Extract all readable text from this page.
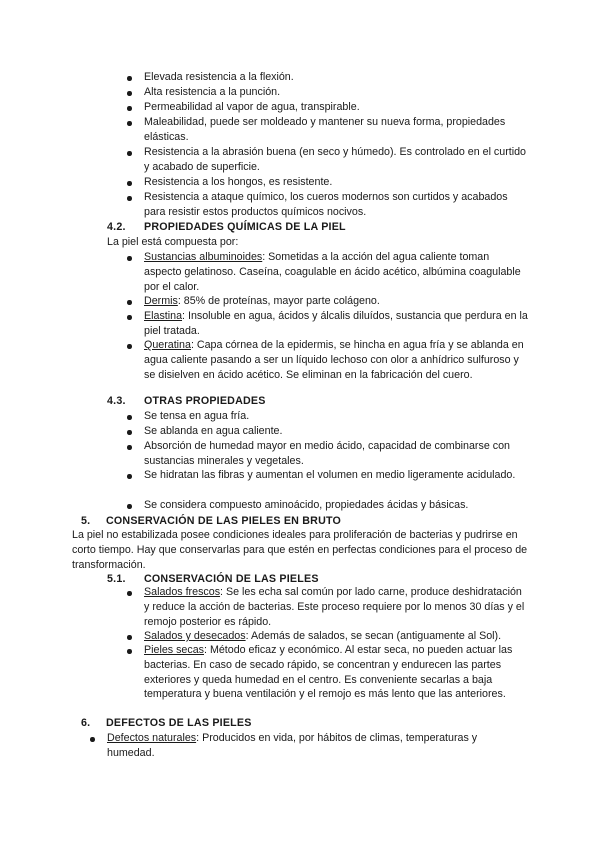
Elevada resistencia a la flexión.
Alta resistencia a la punción.
Permeabilidad al vapor de agua, transpirable.
Maleabilidad, puede ser moldeado y mantener su nueva forma, propiedades elásticas.
Resistencia a la abrasión buena (en seco y húmedo). Es controlado en el curtido y acabado de superficie.
Resistencia a los hongos, es resistente.
Resistencia a ataque químico, los cueros modernos son curtidos y acabados para resistir estos productos químicos nocivos.
4.2. PROPIEDADES QUÍMICAS DE LA PIEL
La piel está compuesta por:
Sustancias albuminoides: Sometidas a la acción del agua caliente toman aspecto gelatinoso. Caseína, coagulable en ácido acético, albúmina coagulable por el calor.
Dermis: 85% de proteínas, mayor parte colágeno.
Elastina: Insoluble en agua, ácidos y álcalis diluídos, sustancia que perdura en la piel tratada.
Queratina: Capa córnea de la epidermis, se hincha en agua fría y se ablanda en agua caliente pasando a ser un líquido lechoso con olor a anhídrico sulfuroso y se disielven en ácido acético. Se eliminan en la fabricación del cuero.
4.3. OTRAS PROPIEDADES
Se tensa en agua fría.
Se ablanda en agua caliente.
Absorción de humedad mayor en medio ácido, capacidad de combinarse con sustancias minerales y vegetales.
Se hidratan las fibras y aumentan el volumen en medio ligeramente acidulado.
Se considera compuesto aminoácido, propiedades ácidas y básicas.
5. CONSERVACIÓN DE LAS PIELES EN BRUTO
La piel no estabilizada posee condiciones ideales para proliferación de bacterias y pudrirse en corto tiempo. Hay que conservarlas para que estén en perfectas condiciones para el proceso de transformación.
5.1. CONSERVACIÓN DE LAS PIELES
Salados frescos: Se les echa sal común por lado carne, produce deshidratación y reduce la acción de bacterias. Este proceso requiere por lo menos 30 días y el remojo posterior es rápido.
Salados y desecados: Además de salados, se secan (antiguamente al Sol).
Pieles secas: Método eficaz y económico. Al estar seca, no pueden actuar las bacterias. En caso de secado rápido, se concentran y endurecen las partes exteriores y queda humedad en el centro. Es conveniente secarlas a baja temperatura y buena ventilación y el remojo es más lento que las anteriores.
6. DEFECTOS DE LAS PIELES
Defectos naturales: Producidos en vida, por hábitos de climas, temperaturas y humedad.
